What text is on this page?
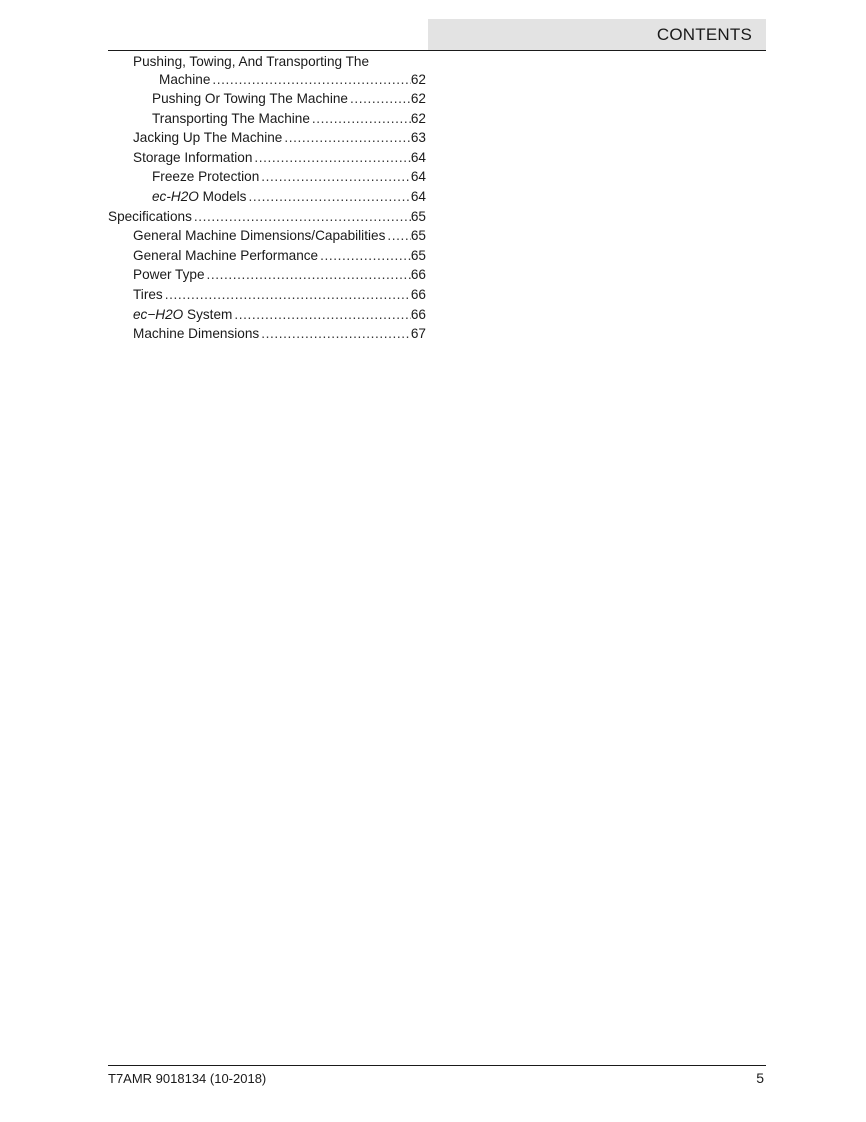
CONTENTS
Pushing, Towing, And Transporting The
Machine .....	62
Pushing Or Towing The Machine .....	62
Transporting The Machine .....	62
Jacking Up The Machine .....	63
Storage Information .....	64
Freeze Protection .....	64
ec-H2O Models .....	64
Specifications .....	65
General Machine Dimensions/Capabilities ..... 65
General Machine Performance .....	65
Power Type .....	66
Tires .....	66
ec−H2O System .....	66
Machine Dimensions .....	67
T7AMR 9018134 (10-2018)	5
